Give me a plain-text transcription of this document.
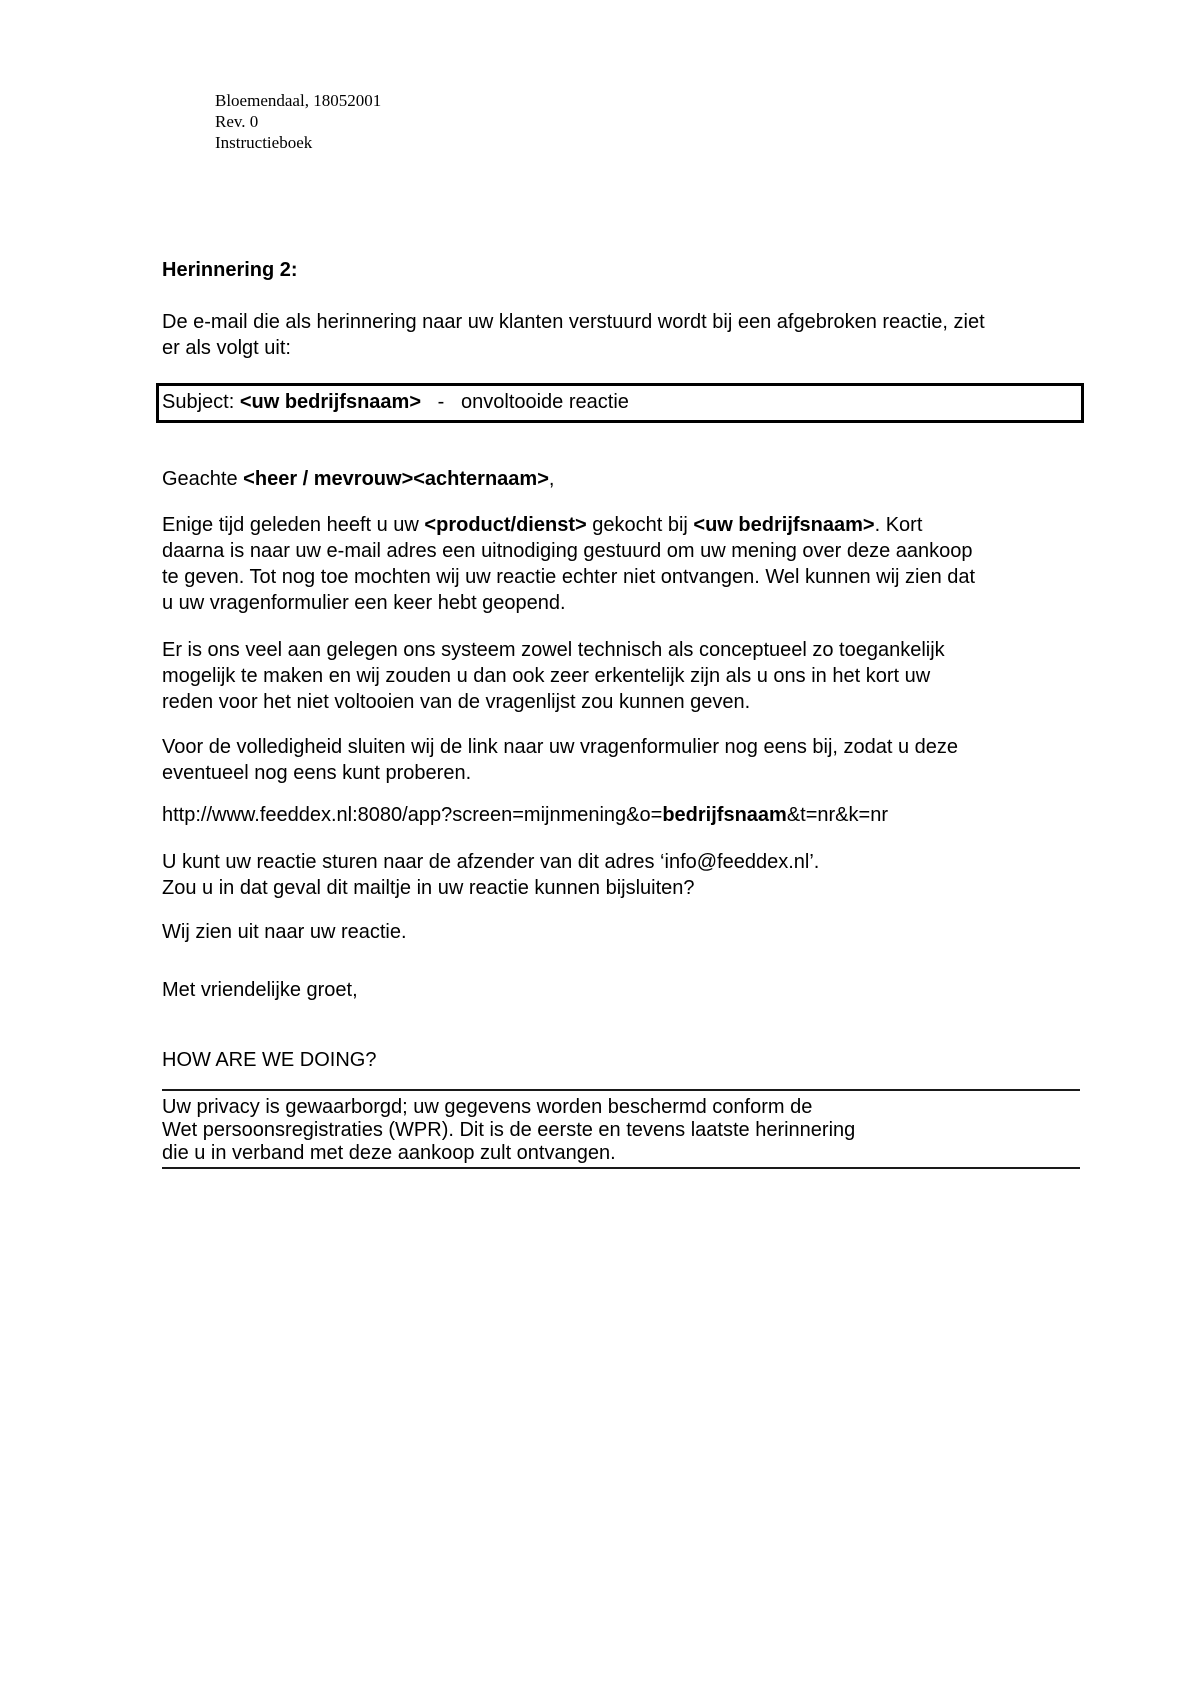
Bloemendaal, 18052001
Rev. 0
Instructieboek
Herinnering 2:
De e-mail die als herinnering naar uw klanten verstuurd wordt bij een afgebroken reactie, ziet
er als volgt uit:
Subject: <uw bedrijfsnaam>   -   onvoltooide reactie
Geachte <heer / mevrouw><achternaam>,
Enige tijd geleden heeft u uw <product/dienst> gekocht bij <uw bedrijfsnaam>. Kort
daarna is naar uw e-mail adres een uitnodiging gestuurd om uw mening over deze aankoop
te geven. Tot nog toe mochten wij uw reactie echter niet ontvangen. Wel kunnen wij zien dat
u uw vragenformulier een keer hebt geopend.
Er is ons veel aan gelegen ons systeem zowel technisch als conceptueel zo toegankelijk
mogelijk te maken en wij zouden u dan ook zeer erkentelijk zijn als u ons in het kort uw
reden voor het niet voltooien van de vragenlijst zou kunnen geven.
Voor de volledigheid sluiten wij de link naar uw vragenformulier nog eens bij, zodat u deze
eventueel nog eens kunt proberen.
http://www.feeddex.nl:8080/app?screen=mijnmening&o=bedrijfsnaam&t=nr&k=nr
U kunt uw reactie sturen naar de afzender van dit adres ‘info@feeddex.nl’.
Zou u in dat geval dit mailtje in uw reactie kunnen bijsluiten?
Wij zien uit naar uw reactie.
Met vriendelijke groet,
HOW ARE WE DOING?
Uw privacy is gewaarborgd; uw gegevens worden beschermd conform de
Wet persoonsregistraties (WPR). Dit is de eerste en tevens laatste herinnering
die u in verband met deze aankoop zult ontvangen.
